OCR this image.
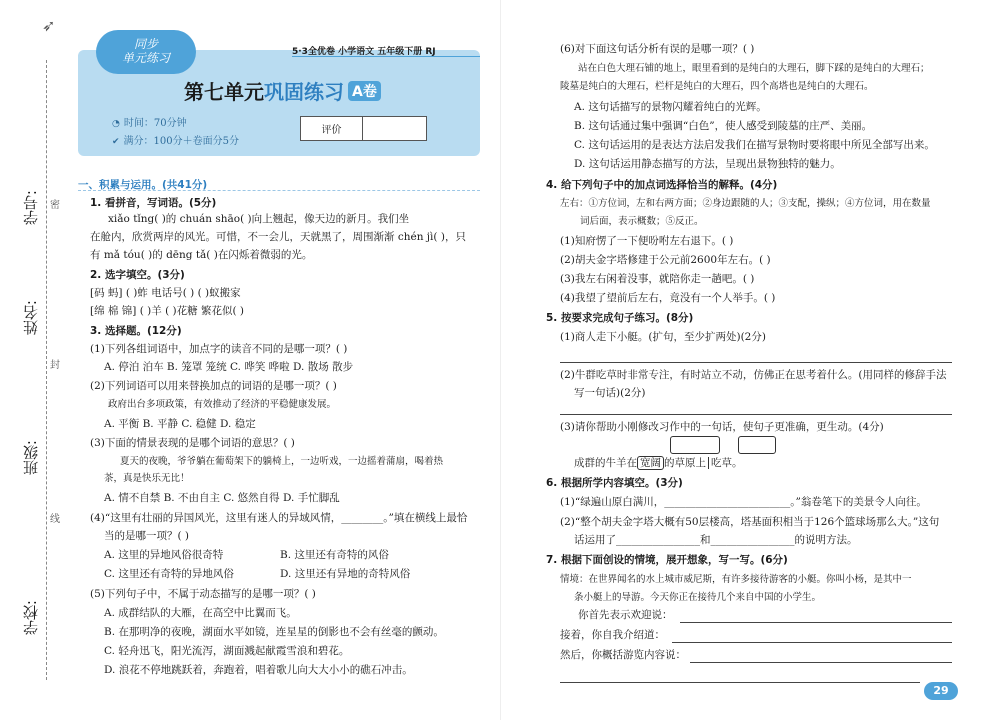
➶
学号:
姓名:
班级:
学校:
密
封
线
同步
单元练习	5·3全优卷 小学语文 五年级下册 RJ
第七单元巩固练习 A卷
◔ 时间：70分钟
✔ 满分：100分＋卷面分5分
评价	
一、积累与运用。(共41分)
1. 看拼音，写词语。(5分)
xiǎo tǐng( )的 chuán shāo( )向上翘起，像天边的新月。我们坐
在舱内，欣赏两岸的风光。可惜，不一会儿，天就黑了，周围渐渐 chén jì( )，只
有 mǎ tóu( )的 dēng tǎ( )在闪烁着微弱的光。
2. 选字填空。(3分)
[码 蚂] ( )蚱 电话号( ) ( )蚁搬家
[绵 棉 锦] ( )羊 ( )花糖 繁花似( )
3. 选择题。(12分)
(1)下列各组词语中，加点字的读音不同的是哪一项？( )
A. 停泊 泊车 B. 笼罩 笼统 C. 哗笑 哗啦 D. 散场 散步
(2)下列词语可以用来替换加点的词语的是哪一项？( )
政府出台多项政策，有效推动了经济的平稳健康发展。
A. 平衡 B. 平静 C. 稳健 D. 稳定
(3)下面的情景表现的是哪个词语的意思？( )
夏天的夜晚，爷爷躺在葡萄架下的躺椅上，一边听戏，一边摇着蒲扇，喝着热
茶，真是快乐无比！
A. 情不自禁 B. 不由自主 C. 悠然自得 D. 手忙脚乱
(4)“这里有壮丽的异国风光，这里有迷人的异域风情，________。”填在横线上最恰
当的是哪一项？( )
A. 这里的异地风俗很奇特	B. 这里还有奇特的风俗
C. 这里还有奇特的异地风俗	D. 这里还有异地的奇特风俗
(5)下列句子中，不属于动态描写的是哪一项？( )
A. 成群结队的大雁，在高空中比翼而飞。
B. 在那明净的夜晚，湖面水平如镜，连星星的倒影也不会有丝毫的颤动。
C. 轻舟迅飞，阳光流泻，湖面溅起献霞雪浪和碧花。
D. 浪花不停地跳跃着，奔跑着，唱着歌儿向大大小小的礁石冲击。
(6)对下面这句话分析有误的是哪一项？( )
站在白色大理石铺的地上，眼里看到的是纯白的大理石，脚下踩的是纯白的大理石；
陵墓是纯白的大理石，栏杆是纯白的大理石，四个高塔也是纯白的大理石。
A. 这句话描写的景物闪耀着纯白的光辉。
B. 这句话通过集中强调“白色”，使人感受到陵墓的庄严、美丽。
C. 这句话运用的是表达方法启发我们在描写景物时要将眼中所见全部写出来。
D. 这句话运用静态描写的方法，呈现出景物独特的魅力。
4. 给下列句子中的加点词选择恰当的解释。(4分)
左右：①方位词，左和右两方面；②身边跟随的人；③支配，操纵；④方位词，用在数量
词后面，表示概数；⑤反正。
(1)知府愣了一下便吩咐左右退下。( )
(2)胡夫金字塔修建于公元前2600年左右。( )
(3)我左右闲着没事，就陪你走一趟吧。( )
(4)我望了望前后左右，竟没有一个人举手。( )
5. 按要求完成句子练习。(8分)
(1)商人走下小艇。(扩句，至少扩两处)(2分)
(2)牛群吃草时非常专注，有时站立不动，仿佛正在思考着什么。(用同样的修辞手法
写一句话)(2分)
(3)请你帮助小刚修改习作中的一句话，使句子更准确，更生动。(4分)
成群的牛羊在 宽阔 的草原上 吃草。
6. 根据所学内容填空。(3分)
(1)“绿遍山原白满川，________________________。”翁卷笔下的美景令人向往。
(2)“整个胡夫金字塔大概有50层楼高，塔基面积相当于126个篮球场那么大。”这句
话运用了________________和________________的说明方法。
7. 根据下面创设的情境，展开想象，写一写。(6分)
情境：在世界闻名的水上城市威尼斯，有许多接待游客的小艇。你叫小杨，是其中一
条小艇上的导游。今天你正在接待几个来自中国的小学生。
你首先表示欢迎说：
接着，你自我介绍道：
然后，你概括游览内容说：
29
